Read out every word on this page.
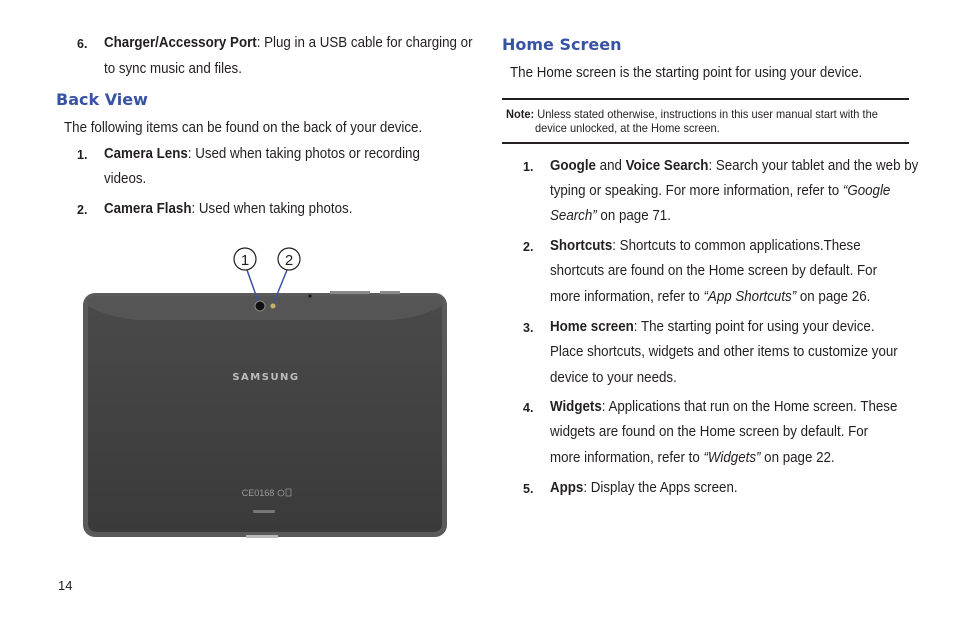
6. Charger/Accessory Port: Plug in a USB cable for charging or
to sync music and files.
Back View
The following items can be found on the back of your device.
1. Camera Lens: Used when taking photos or recording
videos.
2. Camera Flash: Used when taking photos.
1 2
SAMSUNG
CE0168
14
Home Screen
The Home screen is the starting point for using your device.
Note: Unless stated otherwise, instructions in this user manual start with the
device unlocked, at the Home screen.
1. Google and Voice Search: Search your tablet and the web by
typing or speaking. For more information, refer to “Google
Search” on page 71.
2. Shortcuts: Shortcuts to common applications.These
shortcuts are found on the Home screen by default. For
more information, refer to “App Shortcuts” on page 26.
3. Home screen: The starting point for using your device.
Place shortcuts, widgets and other items to customize your
device to your needs.
4. Widgets: Applications that run on the Home screen. These
widgets are found on the Home screen by default. For
more information, refer to “Widgets” on page 22.
5. Apps: Display the Apps screen.
